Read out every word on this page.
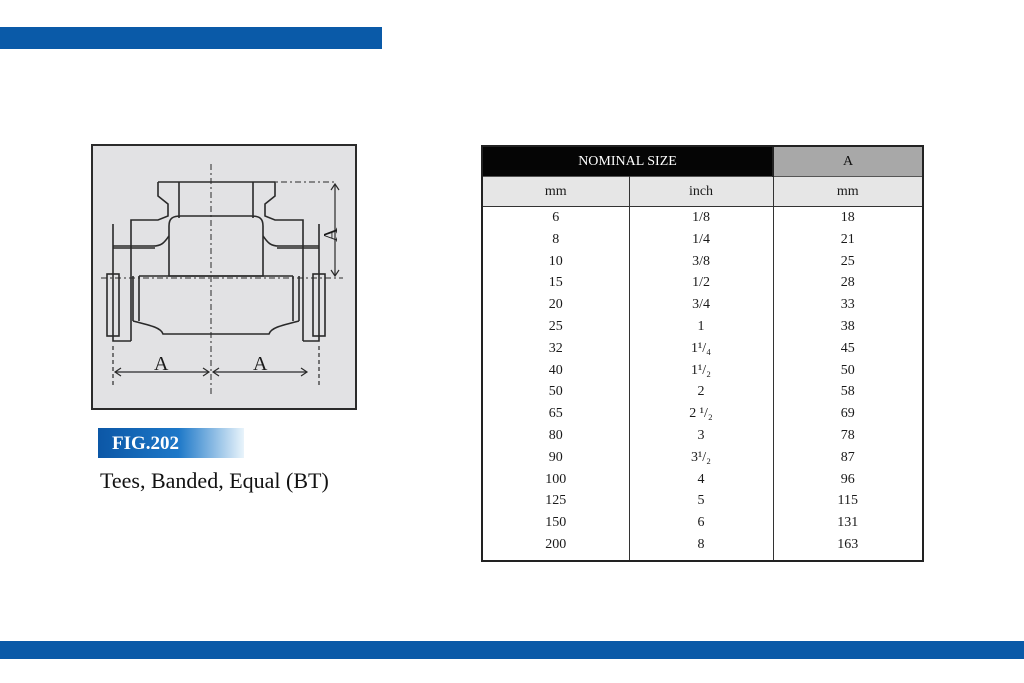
A
A	A
FIG.202
Tees, Banded, Equal (BT)
NOMINAL SIZE		A
mm	inch	mm
6	1/8	18
8	1/4	21
10	3/8	25
15	1/2	28
20	3/4	33
25	1	38
32	1¹/₄	45
40	1¹/₂	50
50	2	58
65	2 ¹/₂	69
80	3	78
90	3¹/₂	87
100	4	96
125	5	115
150	6	131
200	8	163
